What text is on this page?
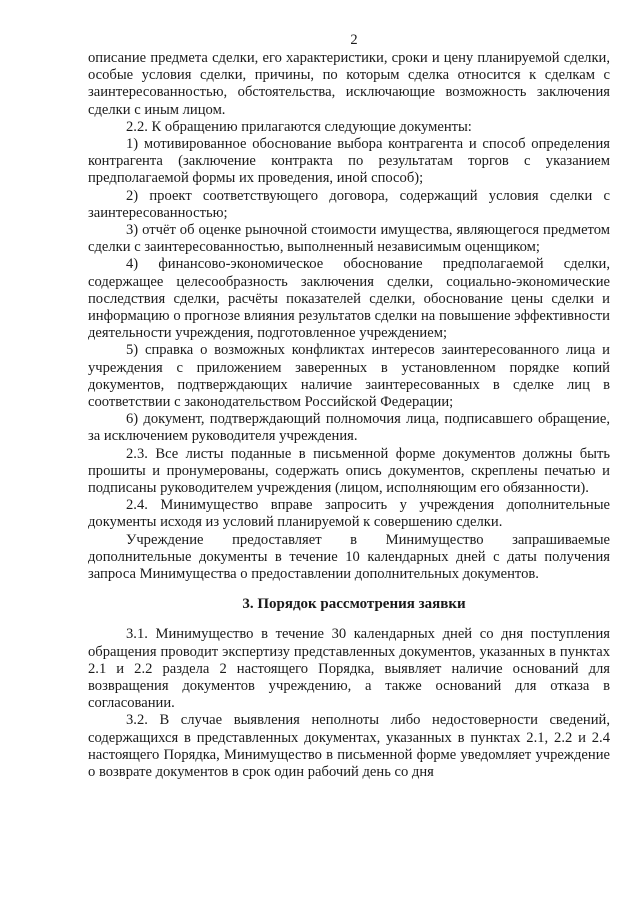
2

описание предмета сделки, его характеристики, сроки и цену планируемой сделки, особые условия сделки, причины, по которым сделка относится к сделкам с заинтересованностью, обстоятельства, исключающие возможность заключения сделки с иным лицом.

2.2. К обращению прилагаются следующие документы:

1) мотивированное обоснование выбора контрагента и способ определения контрагента (заключение контракта по результатам торгов с указанием предполагаемой формы их проведения, иной способ);

2) проект соответствующего договора, содержащий условия сделки с заинтересованностью;

3) отчёт об оценке рыночной стоимости имущества, являющегося предметом сделки с заинтересованностью, выполненный независимым оценщиком;

4) финансово-экономическое обоснование предполагаемой сделки, содержащее целесообразность заключения сделки, социально-экономические последствия сделки, расчёты показателей сделки, обоснование цены сделки и информацию о прогнозе влияния результатов сделки на повышение эффективности деятельности учреждения, подготовленное учреждением;

5) справка о возможных конфликтах интересов заинтересованного лица и учреждения с приложением заверенных в установленном порядке копий документов, подтверждающих наличие заинтересованных в сделке лиц в соответствии с законодательством Российской Федерации;

6) документ, подтверждающий полномочия лица, подписавшего обращение, за исключением руководителя учреждения.

2.3. Все листы поданные в письменной форме документов должны быть прошиты и пронумерованы, содержать опись документов, скреплены печатью и подписаны руководителем учреждения (лицом, исполняющим его обязанности).

2.4. Минимущество вправе запросить у учреждения дополнительные документы исходя из условий планируемой к совершению сделки.

Учреждение предоставляет в Минимущество запрашиваемые дополнительные документы в течение 10 календарных дней с даты получения запроса Минимущества о предоставлении дополнительных документов.

3. Порядок рассмотрения заявки

3.1. Минимущество в течение 30 календарных дней со дня поступления обращения проводит экспертизу представленных документов, указанных в пунктах 2.1 и 2.2 раздела 2 настоящего Порядка, выявляет наличие оснований для возвращения документов учреждению, а также оснований для отказа в согласовании.

3.2. В случае выявления неполноты либо недостоверности сведений, содержащихся в представленных документах, указанных в пунктах 2.1, 2.2 и 2.4 настоящего Порядка, Минимущество в письменной форме уведомляет учреждение о возврате документов в срок один рабочий день со дня
